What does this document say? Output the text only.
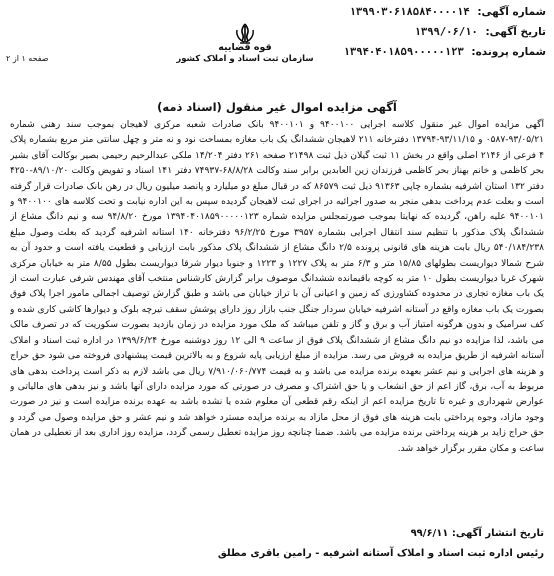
شماره آگهی: ۱۳۹۹۰۳۰۶۱۸۵۸۴۰۰۰۰۱۴
تاریخ آگهی: ۱۳۹۹/۰۶/۱۰
شماره پرونده: ۱۳۹۴۰۴۰۱۸۵۹۰۰۰۰۰۱۲۳
قوه قضاییه
سازمان ثبت اسناد و املاک کشور
صفحه ۱ از ۲
آگهی مزایده اموال غیر منقول (اسناد ذمه)

آگهی مزایده اموال غیر منقول کلاسه اجرایی ۹۴۰۰۱۰۰ و ۹۴۰۰۱۰۱ بانک صادرات شعبه مرکزی لاهیجان بموجب سند رهنی شماره ۹۳/۰۵/۲۱-۰۵۸۷ و ۹۳/۱۱/۱۵-۱۳۷۹۴ دفترخانه ۲۱۱ لاهیجان ششدانگ یک باب مغازه بمساحت نود و نه متر و چهل سانتی متر مربع بشماره پلاک ۴ فرعی از ۲۱۴۶ اصلی واقع در بخش ۱۱ ثبت گیلان ذیل ثبت ۲۱۴۹۸ صفحه ۲۶۱ دفتر ۱۴/۲۰۴ ملکی عبدالرحیم رحیمی بصیر بوکالت آقای بشیر بحر کاظمی و خانم بهناز بحر کاظمی فرزندان زین العابدین برابر سند وکالت ۶۸/۸/۲۸-۷۴۹۳۷ دفتر ۱۴۱ اسناد و تفویض وکالت ۸۹/۱۰/۲۰-۴۲۵۰ دفتر ۱۳۲ استان اشرفیه بشماره چاپی ۹۱۳۶۳ ذیل ثبت ۸۶۵۷۹ که در قبال مبلغ دو میلیارد و پانصد میلیون ریال در رهن بانک صادرات قرار گرفته است و بعلت عدم پرداخت بدهی منجر به صدور اجرائیه در اجرای ثبت لاهیجان گردیده سپس به این اداره نیابت و تحت کلاسه های ۹۴۰۰۱۰۰ و ۹۴۰۰۱۰۱ علیه راهن، گردیده که نهایتا بموجب صورتمجلس مزایده شماره ۱۳۹۴۰۴۰۱۸۵۹۰۰۰۰۰۱۲۳ مورخ ۹۴/۸/۲۰ سه و نیم دانگ مشاع از ششدانگ پلاک مذکور با تنظیم سند انتقال اجرایی بشماره ۳۹۵۷ مورخ ۹۶/۲/۲۵ دفترخانه ۱۴۰ استانه اشرفیه گردید که بعلت وصول مبلغ ۵۴۰/۱۸۴/۲۳۸ ریال بابت هزینه های قانونی پرونده ۲/۵ دانگ مشاع از ششدانگ پلاک مذکور بابت ارزیابی و قطعیت یافته است و حدود آن به شرح شمالا دیواریست بطولهای ۱۵/۸۵ متر و ۶/۳ متر به پلاک ۱۲۲۷ و ۱۲۲۳ و جنوبا دیوار شرقا دیواریست بطول ۸/۵۵ متر به خیابان مرکزی شهرک غربا دیواریست بطول ۱۰ متر به کوچه باقیمانده ششدانگ موصوف برابر گزارش کارشناس منتخب آقای مهندس شرفی عبارت است از یک باب مغازه تجاری در محدوده کشاورزی که زمین و اعیانی آن با تراز خیابان می باشد و طبق گزارش توصیف اجمالی مامور اجرا پلاک فوق بصورت یک باب مغازه واقع در آستانه اشرفیه خیابان سردار جنگل جنب بازار روز دارای پوشش سقف تیرچه بلوک و دیوارها کاشی کاری شده و کف سرامیک و بدون هرگونه امتیاز آب و برق و گاز و تلفن میباشد که ملک مورد مزایده در زمان بازدید بصورت سکوریت که در تصرف مالک می باشد، لذا مزایده دو نیم دانگ مشاع از ششدانگ پلاک فوق از ساعت ۹ الی ۱۲ روز دوشنبه مورخ ۱۳۹۹/۶/۲۴ در اداره ثبت اسناد و املاک آستانه اشرفیه از طریق مزایده به فروش می رسد. مزایده از مبلغ ارزیابی پایه شروع و به بالاترین قیمت پیشنهادی فروخته می شود حق حراج و هزینه های اجرایی و نیم عشر بعهده برنده مزایده می باشد و به قیمت ۷/۹۱۰/۰۶۰/۷۷۴ ریال می باشد لازم به ذکر است پرداخت بدهی های مربوط به آب، برق، گاز اعم از حق انشعاب و یا حق اشتراک و مصرف در صورتی که مورد مزایده دارای آنها باشد و نیز بدهی های مالیاتی و عوارض شهرداری و غیره تا تاریخ مزایده اعم از اینکه رقم قطعی آن معلوم شده یا نشده باشد به عهده برنده مزایده است و نیز در صورت وجود مازاد، وجوه پرداختی بابت هزینه های فوق از محل مازاد به برنده مزایده مسترد خواهد شد و نیم عشر و حق مزایده وصول می گردد و حق حراج زاید بر هزینه پرداختی برنده مزایده می باشد. ضمنا چنانچه روز مزایده تعطیل رسمی گردد، مزایده روز اداری بعد از تعطیلی در همان ساعت و مکان مقرر برگزار خواهد شد.

تاریخ انتشار آگهی: ۹۹/۶/۱۱
رئیس اداره ثبت اسناد و املاک آستانه اشرفیه - رامین باقری مطلق
